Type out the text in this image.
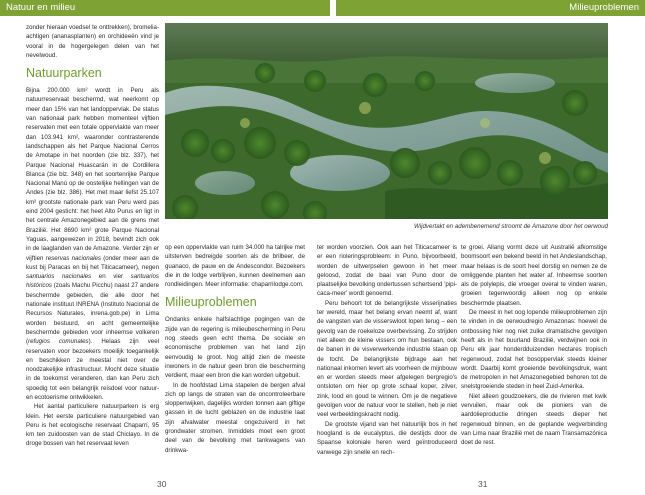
Natuur en milieu	Milieuproblemen

zonder hieraan voedsel te onttrekken), bromelia-achtigen (ananasplanten) en orchideeën vind je vooral in de hogergelegen delen van het nevelwoud.

Natuurparken

Bijna 200.000 km² wordt in Peru als natuurreservaat beschermd, wat neerkomt op meer dan 15% van het landoppervlak. De status van nationaal park hebben momenteel vijftien reservaten met een totale oppervlakte van meer dan 103.941 km², waaronder contrasterende landschappen als het Parque Nacional Cerros de Amotape in het noorden (zie blz. 337), het Parque Nacional Huascarán in de Cordillera Blanca (zie blz. 348) en het soortenrijke Parque Nacional Manú op de oostelijke hellingen van de Andes (zie blz. 386). Het met maar liefst 25.107 km² grootste nationale park van Peru werd pas eind 2004 gesticht: het heet Alto Purus en ligt in het centrale Amazonegebied aan de grens met Brazilië. Het 8690 km² grote Parque Nacional Yaguas, aangewezen in 2018, bevindt zich ook in de laaglanden van de Amazone. Verder zijn er vijftien reservas nacionales (onder meer aan de kust bij Paracas en bij het Titicacameer), negen santuarios nacionales en vier santuarios históricos (zoals Machu Picchu) naast 27 andere beschermde gebieden, die alle door het nationale instituut INRENA (Instituto Nacional de Recursos Naturales, inrena.gob.pe) in Lima worden bestuurd, en acht gemeentelijke beschermde gebieden voor inheemse volkeren (refugios comunales). Helaas zijn veel reservaten voor bezoekers moeilijk toegankelijk en beschikken ze meestal niet over de noodzakelijke infrastructuur. Mocht deze situatie in de toekomst veranderen, dan kan Peru zich spoedig tot een belangrijk reisdoel voor natuur- en ecotoerisme ontwikkelen.

Het aantal particuliere natuurparken is erg klein. Het eerste particuliere natuurgebied van Peru is het ecologische reservaat Chaparrí, 95 km ten zuidoosten van de stad Chiclayo. In de droge bossen van het reservaat leven

op een oppervlakte van ruim 34.000 ha talrijke met uitsterven bedreigde soorten als de brilbeer, de guanaco, de pauw en de Andescondor. Bezoekers die in de lodge verblijven, kunnen deelnemen aan rondleidingen. Meer informatie: chaparrilodge.com.

Milieuproblemen

Ondanks enkele halfslachtige pogingen van de zijde van de regering is milieubescherming in Peru nog steeds geen echt thema. De sociale en economische problemen van het land zijn eenvoudig te groot. Nog altijd zien de meeste inwoners in de natuur geen bron die bescherming verdient, maar een bron die kan worden uitgebuit.

In de hoofdstad Lima stapelen de bergen afval zich op langs de straten van de oncontroleerbare sloppenwijken, dagelijks worden tonnen aan giftige gassen in de lucht geblazen en de industrie laat zijn afvalwater meestal ongezuiverd in het grondwater stromen. Inmiddels moet een groot deel van de bevolking met tankwagens van drinkwa-

ter worden voorzien. Ook aan het Titicacameer is er een rioleringsprobleem: in Puno, bijvoorbeeld, worden de uitwerpselen gewoon in het meer geloosd, zodat de baai van Puno door de plaatselijke bevolking ondertussen schertsend 'pipi-caca-meer' wordt genoemd.

Peru behoort tot de belangrijkste visserijnaties ter wereld, maar het belang ervan neemt af, want de vangsten van de visserswloot lopen terug – een gevolg van de roekeloze overbevissing. Zo strijden niet alleen de kleine vissers om hun bestaan, ook de banen in de visverwerkende industrie staan op de tocht. De belangrijkste bijdrage aan het nationaal inkomen levert als voorheen de mijnbouw en er worden steeds meer afgelegen bergregio's ontsloten om hier op grote schaal koper, zilver, zink, lood en goud te winnen. Om je de negatieve gevolgen voor de natuur voor te stellen, heb je niet veel verbeeldingskracht nodig.

De grootste vijand van het natuurlijk bos in het hoogland is de eucalyptus, die destijds door de Spaanse koloniale heren werd geïntroduceerd vanwege zijn snelle en rech-

te groei. Allang vormt deze uit Australië afkomstige boomsoort een bekend beeld in het Andeslandschap, maar helaas is de soort heel dorstig en nemen ze de omliggende planten het water af. Inheemse soorten als de polylepis, die vroeger overal te vinden waren, groeien tegenwoordig alleen nog op enkele beschermde plaatsen.

De meest in het oog lopende milieuproblemen zijn te vinden in de oerwoudregio Amazonas: hoewel de ontbossing hier nog niet zulke dramatische gevolgen heeft als in het buurland Brazilië, verdwijnen ook in Peru elk jaar honderdduizenden hectares tropisch regenwoud, zodat het bosoppervlak steeds kleiner wordt. Daarbij komt groeiende bevolkingsdruk, want de metropolen in het Amazonegebied behoren tot de snelstgroeiende steden in heel Zuid-Amerika.

Niet alleen goudzoekers, die de rivieren met kwik vervuilen, maar ook de pioniers van de aardolieproductie dringen steeds dieper het regenwoud binnen, en de geplande wegverbinding van Lima naar Brazilië met de naam Transamazónica doet de rest.

Wijdvertakt en adembenemend stroomt de Amazone door het oerwoud
30	31
